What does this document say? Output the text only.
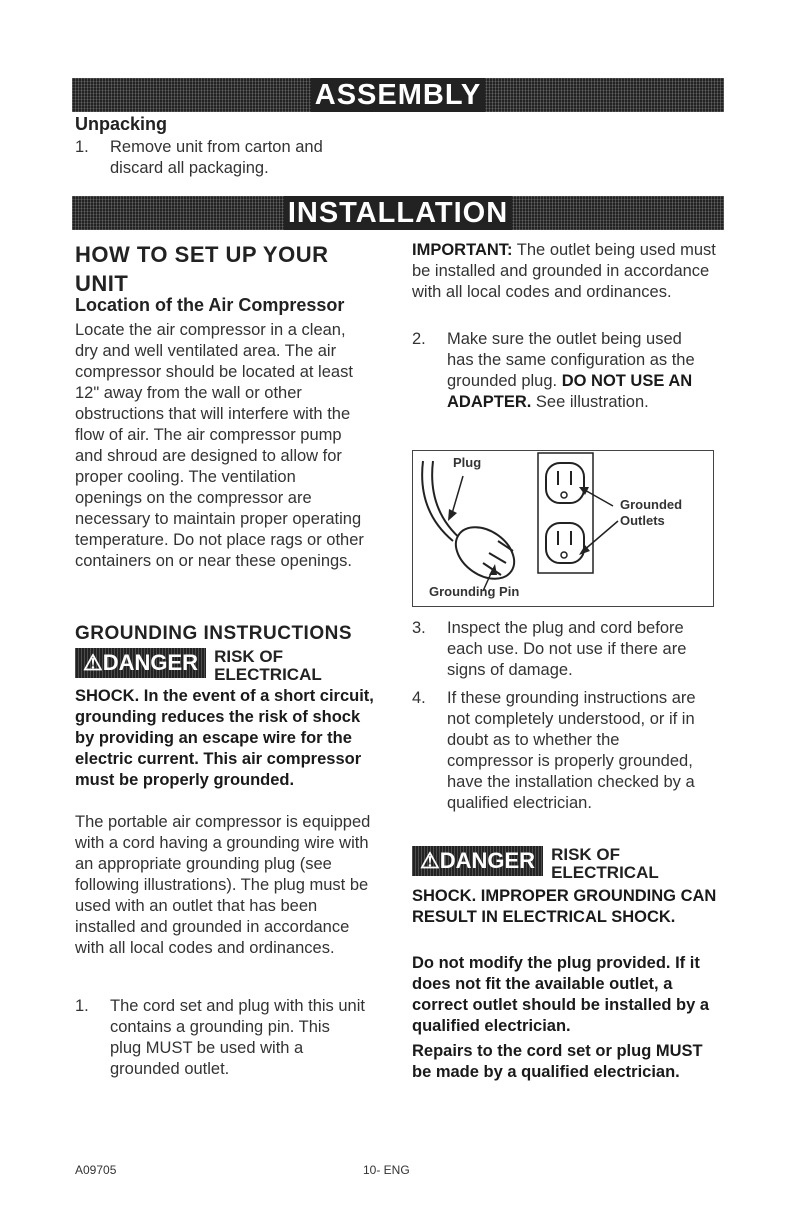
ASSEMBLY
Unpacking
1.	Remove unit from carton and discard all packaging.
INSTALLATION
HOW TO SET UP YOUR
UNIT
Location of the Air Compressor
Locate the air compressor in a clean, dry and well ventilated area. The air compressor should be located at least 12" away from the wall or other obstructions that will interfere with the flow of air. The air compressor pump and shroud are designed to allow for proper cooling. The ventilation openings on the compressor are necessary to maintain proper operating temperature. Do not place rags or other containers on or near these openings.
GROUNDING INSTRUCTIONS
⚠DANGER RISK OF
ELECTRICAL
SHOCK. In the event of a short circuit, grounding reduces the risk of shock by providing an escape wire for the electric current. This air compressor must be properly grounded.
The portable air compressor is equipped with a cord having a grounding wire with an appropriate grounding plug (see following illustrations). The plug must be used with an outlet that has been installed and grounded in accordance with all local codes and ordinances.
1.	The cord set and plug with this unit contains a grounding pin. This plug MUST be used with a grounded outlet.
IMPORTANT: The outlet being used must be installed and grounded in accordance with all local codes and ordinances.
2.	Make sure the outlet being used has the same configuration as the grounded plug. DO NOT USE AN ADAPTER. See illustration.
Plug
Grounded
Outlets
Grounding Pin
3.	Inspect the plug and cord before each use. Do not use if there are signs of damage.
4.	If these grounding instructions are not completely understood, or if in doubt as to whether the compressor is properly grounded, have the installation checked by a qualified electrician.
⚠DANGER RISK OF
ELECTRICAL
SHOCK. IMPROPER GROUNDING CAN RESULT IN ELECTRICAL SHOCK.
Do not modify the plug provided. If it does not fit the available outlet, a correct outlet should be installed by a qualified electrician.
Repairs to the cord set or plug MUST be made by a qualified electrician.
A09705	10- ENG
